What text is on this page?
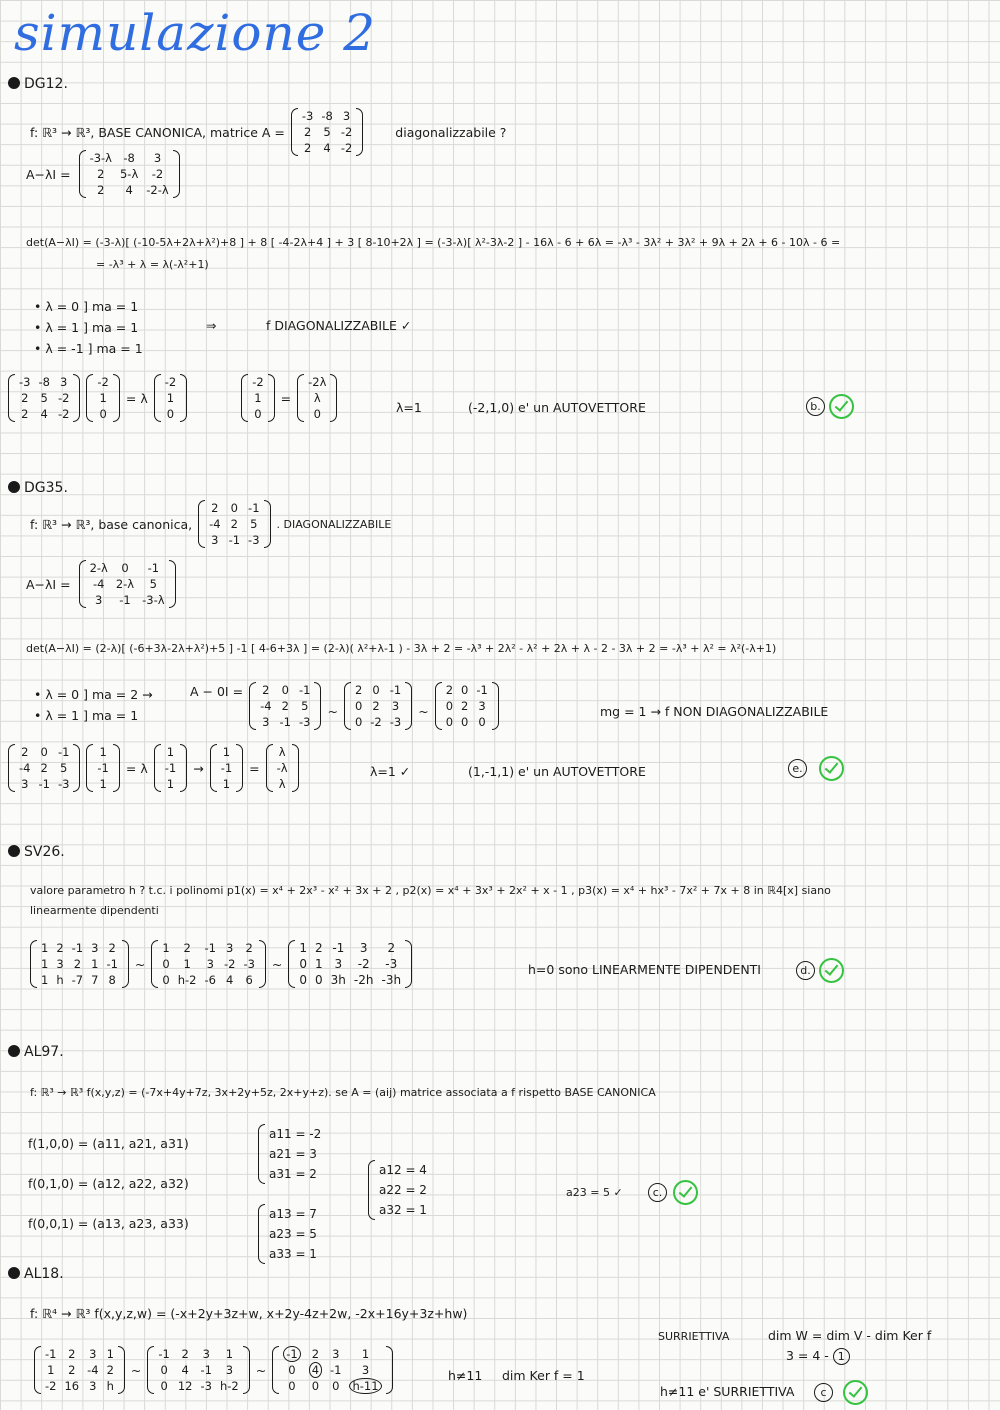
simulazione 2
DG12.
f: ℝ³ → ℝ³, BASE CANONICA, matrice A =
-3	-8	3
2	5	-2
2	4	-2
diagonalizzabile ?
A−λI =
-3-λ	-8	3
2	5-λ	-2
2	4	-2-λ
det(A−λI) = (-3-λ)[ (-10-5λ+2λ+λ²)+8 ] + 8 [ -4-2λ+4 ] + 3 [ 8-10+2λ ] = (-3-λ)[ λ²-3λ-2 ] - 16λ - 6 + 6λ = -λ³ - 3λ² + 3λ² + 9λ + 2λ + 6 - 10λ - 6 =
= -λ³ + λ = λ(-λ²+1)
• λ = 0 ] ma = 1
• λ = 1 ] ma = 1
• λ = -1 ] ma = 1
⇒	f DIAGONALIZZABILE ✓
-3	-8	3
2	5	-2
2	4	-2
-2
1
0
= λ
-2
1
0
-2
1
0
=
-2λ
λ
0	λ=1	(-2,1,0) e' un AUTOVETTORE	b.
DG35.
f: ℝ³ → ℝ³, base canonica,
2	0	-1
-4	2	5
3	-1	-3
. DIAGONALIZZABILE
A−λI =
2-λ	0	-1
-4	2-λ	5
3	-1	-3-λ
det(A−λI) = (2-λ)[ (-6+3λ-2λ+λ²)+5 ] -1 [ 4-6+3λ ] = (2-λ)( λ²+λ-1 ) - 3λ + 2 = -λ³ + 2λ² - λ² + 2λ + λ - 2 - 3λ + 2 = -λ³ + λ² = λ²(-λ+1)
• λ = 0 ] ma = 2 →
• λ = 1 ] ma = 1
A − 0I = 2	0	-1
-4	2	5
3	-1	-3
~
2	0	-1
0	2	3
0	-2	-3
~
2	0	-1
0	2	3
0	0	0
mg = 1 → f NON DIAGONALIZZABILE
2	0	-1
-4	2	5
3	-1	-3
1
-1
1
= λ
1
-1
1
→
1
-1
1
=
λ
-λ
λ
λ=1 ✓	(1,-1,1) e' un AUTOVETTORE	e.
SV26.
valore parametro h ? t.c. i polinomi p1(x) = x⁴ + 2x³ - x² + 3x + 2 , p2(x) = x⁴ + 3x³ + 2x² + x - 1 , p3(x) = x⁴ + hx³ - 7x² + 7x + 8 in ℝ4[x] siano
linearmente dipendenti
1	2	-1	3	2
1	3	2	1	-1
1	h	-7	7	8
~
1	2	-1	3	2
0	1	3	-2	-3
0	h-2	-6	4	6
~
1	2	-1	3	2
0	1	3	-2	-3
0	0	3h	-2h	-3h
h=0 sono LINEARMENTE DIPENDENTI	d.
AL97.
f: ℝ³ → ℝ³ f(x,y,z) = (-7x+4y+7z, 3x+2y+5z, 2x+y+z). se A = (aij) matrice associata a f rispetto BASE CANONICA
f(1,0,0) = (a11, a21, a31)
f(0,1,0) = (a12, a22, a32)
f(0,0,1) = (a13, a23, a33)
a11 = -2
a21 = 3
a31 = 2	a12 = 4
a22 = 2
a32 = 1
a13 = 7
a23 = 5
a33 = 1
a23 = 5 ✓	c.
AL18.
f: ℝ⁴ → ℝ³ f(x,y,z,w) = (-x+2y+3z+w, x+2y-4z+2w, -2x+16y+3z+hw)
-1	2	3	1
1	2	-4	2
-2	16	3	h
~
-1	2	3	1
0	4	-1	3
0	12	-3	h-2
~
-1	2	3	1
0	4	-1	3
0	0	0	h-11
h≠11 dim Ker f = 1
SURRIETTIVA	dim W = dim V - dim Ker f
3 = 4 - 1
h≠11 e' SURRIETTIVA	c
